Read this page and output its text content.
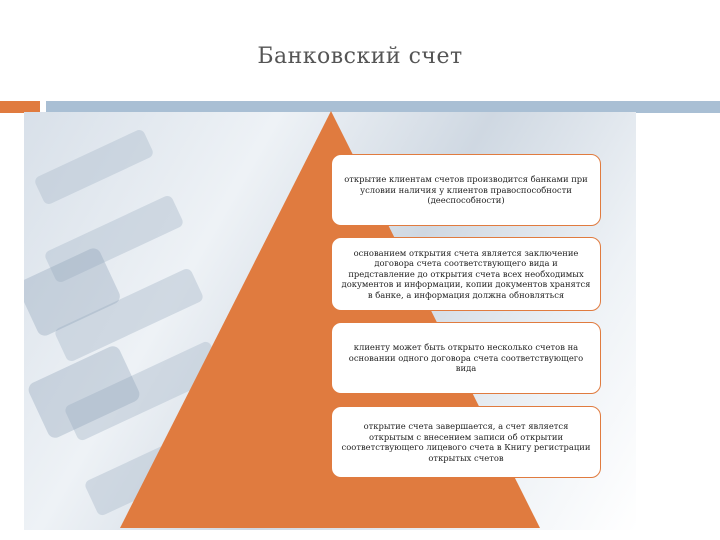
Банковский счет
открытие клиентам счетов производится банками при условии наличия у клиентов правоспособности (дееспособности)
основанием открытия счета является заключение договора счета соответствующего вида и представление до открытия счета всех необходимых документов и информации, копии документов хранятся в банке, а информация должна обновляться
клиенту может быть открыто несколько счетов на основании одного договора счета соответствующего вида
открытие счета завершается, а счет является открытым с внесением записи об открытии соответствующего лицевого счета в Книгу регистрации открытых счетов
